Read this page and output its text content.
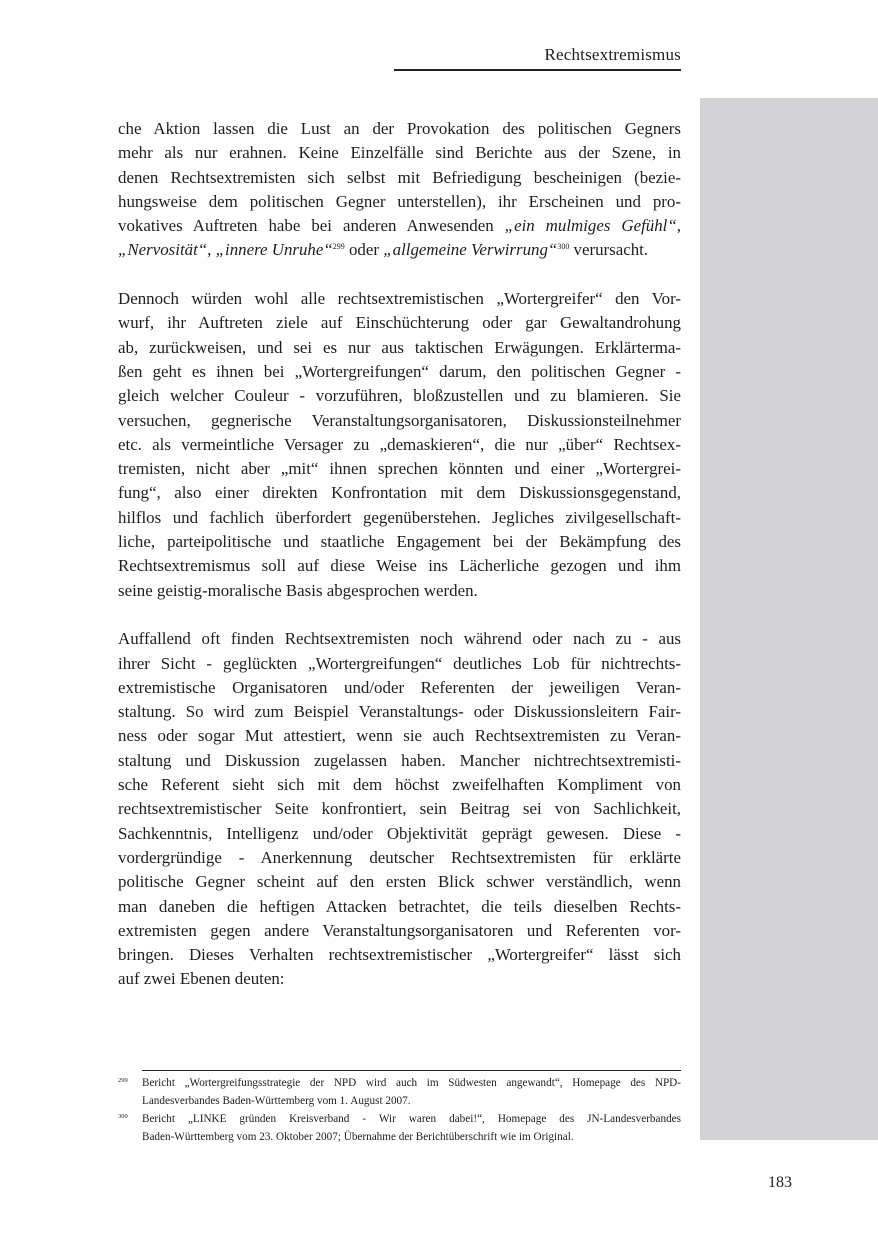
Rechtsextremismus

che Aktion lassen die Lust an der Provokation des politischen Gegners
mehr als nur erahnen. Keine Einzelfälle sind Berichte aus der Szene, in
denen Rechtsextremisten sich selbst mit Befriedigung bescheinigen (bezie-
hungsweise dem politischen Gegner unterstellen), ihr Erscheinen und pro-
vokatives Auftreten habe bei anderen Anwesenden „ein mulmiges Gefühl“,
„Nervosität“, „innere Unruhe“$^{299}$ oder „allgemeine Verwirrung“$^{300}$ verursacht.

Dennoch würden wohl alle rechtsextremistischen „Wortergreifer“ den Vor-
wurf, ihr Auftreten ziele auf Einschüchterung oder gar Gewaltandrohung
ab, zurückweisen, und sei es nur aus taktischen Erwägungen. Erklärterma-
ßen geht es ihnen bei „Wortergreifungen“ darum, den politischen Gegner -
gleich welcher Couleur - vorzuführen, bloßzustellen und zu blamieren. Sie
versuchen, gegnerische Veranstaltungsorganisatoren, Diskussionsteilnehmer
etc. als vermeintliche Versager zu „demaskieren“, die nur „über“ Rechtsex-
tremisten, nicht aber „mit“ ihnen sprechen könnten und einer „Wortergrei-
fung“, also einer direkten Konfrontation mit dem Diskussionsgegenstand,
hilflos und fachlich überfordert gegenüberstehen. Jegliches zivilgesellschaft-
liche, parteipolitische und staatliche Engagement bei der Bekämpfung des
Rechtsextremismus soll auf diese Weise ins Lächerliche gezogen und ihm
seine geistig-moralische Basis abgesprochen werden.

Auffallend oft finden Rechtsextremisten noch während oder nach zu - aus
ihrer Sicht - geglückten „Wortergreifungen“ deutliches Lob für nichtrechts-
extremistische Organisatoren und/oder Referenten der jeweiligen Veran-
staltung. So wird zum Beispiel Veranstaltungs- oder Diskussionsleitern Fair-
ness oder sogar Mut attestiert, wenn sie auch Rechtsextremisten zu Veran-
staltung und Diskussion zugelassen haben. Mancher nichtrechtsextremisti-
sche Referent sieht sich mit dem höchst zweifelhaften Kompliment von
rechtsextremistischer Seite konfrontiert, sein Beitrag sei von Sachlichkeit,
Sachkenntnis, Intelligenz und/oder Objektivität geprägt gewesen. Diese -
vordergründige - Anerkennung deutscher Rechtsextremisten für erklärte
politische Gegner scheint auf den ersten Blick schwer verständlich, wenn
man daneben die heftigen Attacken betrachtet, die teils dieselben Rechts-
extremisten gegen andere Veranstaltungsorganisatoren und Referenten vor-
bringen. Dieses Verhalten rechtsextremistischer „Wortergreifer“ lässt sich
auf zwei Ebenen deuten:

299 Bericht „Wortergreifungsstrategie der NPD wird auch im Südwesten angewandt“, Homepage des NPD-
Landesverbandes Baden-Württemberg vom 1. August 2007.
300 Bericht „LINKE gründen Kreisverband - Wir waren dabei!“, Homepage des JN-Landesverbandes
Baden-Württemberg vom 23. Oktober 2007; Übernahme der Berichtüberschrift wie im Original.
183
